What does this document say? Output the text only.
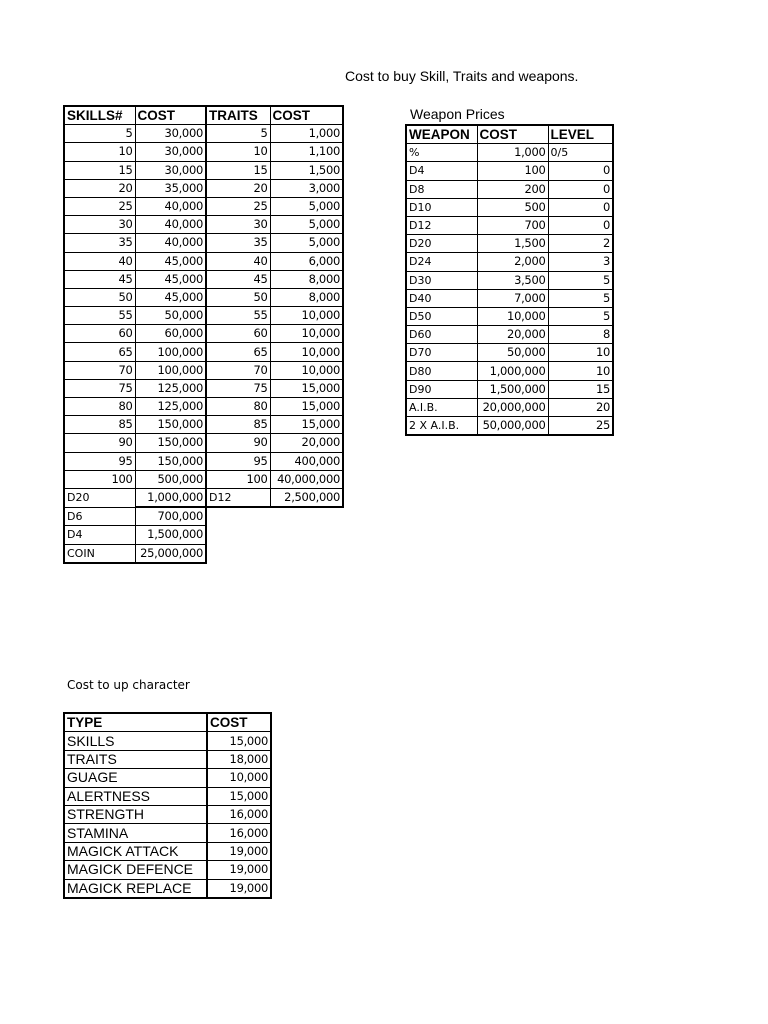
Cost to buy Skill, Traits and weapons.
Weapon Prices
Cost to up character
SKILLS#	COST	TRAITS	COST
5	30,000	5	1,000
10	30,000	10	1,100
15	30,000	15	1,500
20	35,000	20	3,000
25	40,000	25	5,000
30	40,000	30	5,000
35	40,000	35	5,000
40	45,000	40	6,000
45	45,000	45	8,000
50	45,000	50	8,000
55	50,000	55	10,000
60	60,000	60	10,000
65	100,000	65	10,000
70	100,000	70	10,000
75	125,000	75	15,000
80	125,000	80	15,000
85	150,000	85	15,000
90	150,000	90	20,000
95	150,000	95	400,000
100	500,000	100	40,000,000
D20	1,000,000	D12	2,500,000
D6	700,000		
D4	1,500,000		
COIN	25,000,000		
WEAPON	COST	LEVEL
%	1,000	0/5
D4	100	0
D8	200	0
D10	500	0
D12	700	0
D20	1,500	2
D24	2,000	3
D30	3,500	5
D40	7,000	5
D50	10,000	5
D60	20,000	8
D70	50,000	10
D80	1,000,000	10
D90	1,500,000	15
A.I.B.	20,000,000	20
2 X A.I.B.	50,000,000	25
TYPE	COST
SKILLS	15,000
TRAITS	18,000
GUAGE	10,000
ALERTNESS	15,000
STRENGTH	16,000
STAMINA	16,000
MAGICK ATTACK	19,000
MAGICK DEFENCE	19,000
MAGICK REPLACE	19,000
